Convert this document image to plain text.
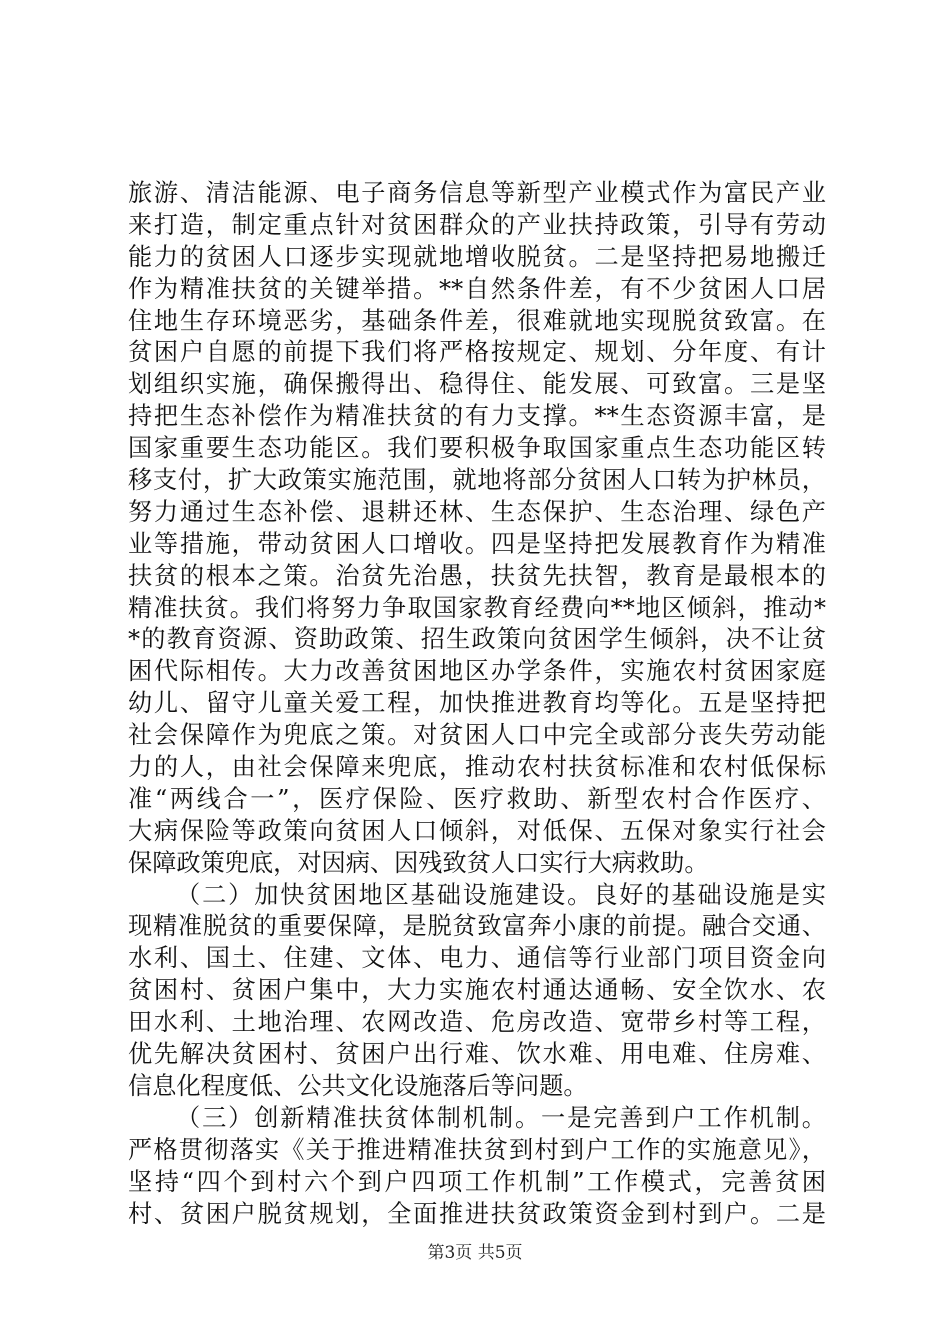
旅游、清洁能源、电子商务信息等新型产业模式作为富民产业
来打造，制定重点针对贫困群众的产业扶持政策，引导有劳动
能力的贫困人口逐步实现就地增收脱贫。二是坚持把易地搬迁
作为精准扶贫的关键举措。**自然条件差，有不少贫困人口居
住地生存环境恶劣，基础条件差，很难就地实现脱贫致富。在
贫困户自愿的前提下我们将严格按规定、规划、分年度、有计
划组织实施，确保搬得出、稳得住、能发展、可致富。三是坚
持把生态补偿作为精准扶贫的有力支撑。**生态资源丰富，是
国家重要生态功能区。我们要积极争取国家重点生态功能区转
移支付，扩大政策实施范围，就地将部分贫困人口转为护林员，
努力通过生态补偿、退耕还林、生态保护、生态治理、绿色产
业等措施，带动贫困人口增收。四是坚持把发展教育作为精准
扶贫的根本之策。治贫先治愚，扶贫先扶智，教育是最根本的
精准扶贫。我们将努力争取国家教育经费向**地区倾斜，推动*
*的教育资源、资助政策、招生政策向贫困学生倾斜，决不让贫
困代际相传。大力改善贫困地区办学条件，实施农村贫困家庭
幼儿、留守儿童关爱工程，加快推进教育均等化。五是坚持把
社会保障作为兜底之策。对贫困人口中完全或部分丧失劳动能
力的人，由社会保障来兜底，推动农村扶贫标准和农村低保标
准“两线合一”，医疗保险、医疗救助、新型农村合作医疗、
大病保险等政策向贫困人口倾斜，对低保、五保对象实行社会
保障政策兜底，对因病、因残致贫人口实行大病救助。
（二）加快贫困地区基础设施建设。良好的基础设施是实
现精准脱贫的重要保障，是脱贫致富奔小康的前提。融合交通、
水利、国土、住建、文体、电力、通信等行业部门项目资金向
贫困村、贫困户集中，大力实施农村通达通畅、安全饮水、农
田水利、土地治理、农网改造、危房改造、宽带乡村等工程，
优先解决贫困村、贫困户出行难、饮水难、用电难、住房难、
信息化程度低、公共文化设施落后等问题。
（三）创新精准扶贫体制机制。一是完善到户工作机制。
严格贯彻落实《关于推进精准扶贫到村到户工作的实施意见》，
坚持“四个到村六个到户四项工作机制”工作模式，完善贫困
村、贫困户脱贫规划，全面推进扶贫政策资金到村到户。二是
第3页 共5页
